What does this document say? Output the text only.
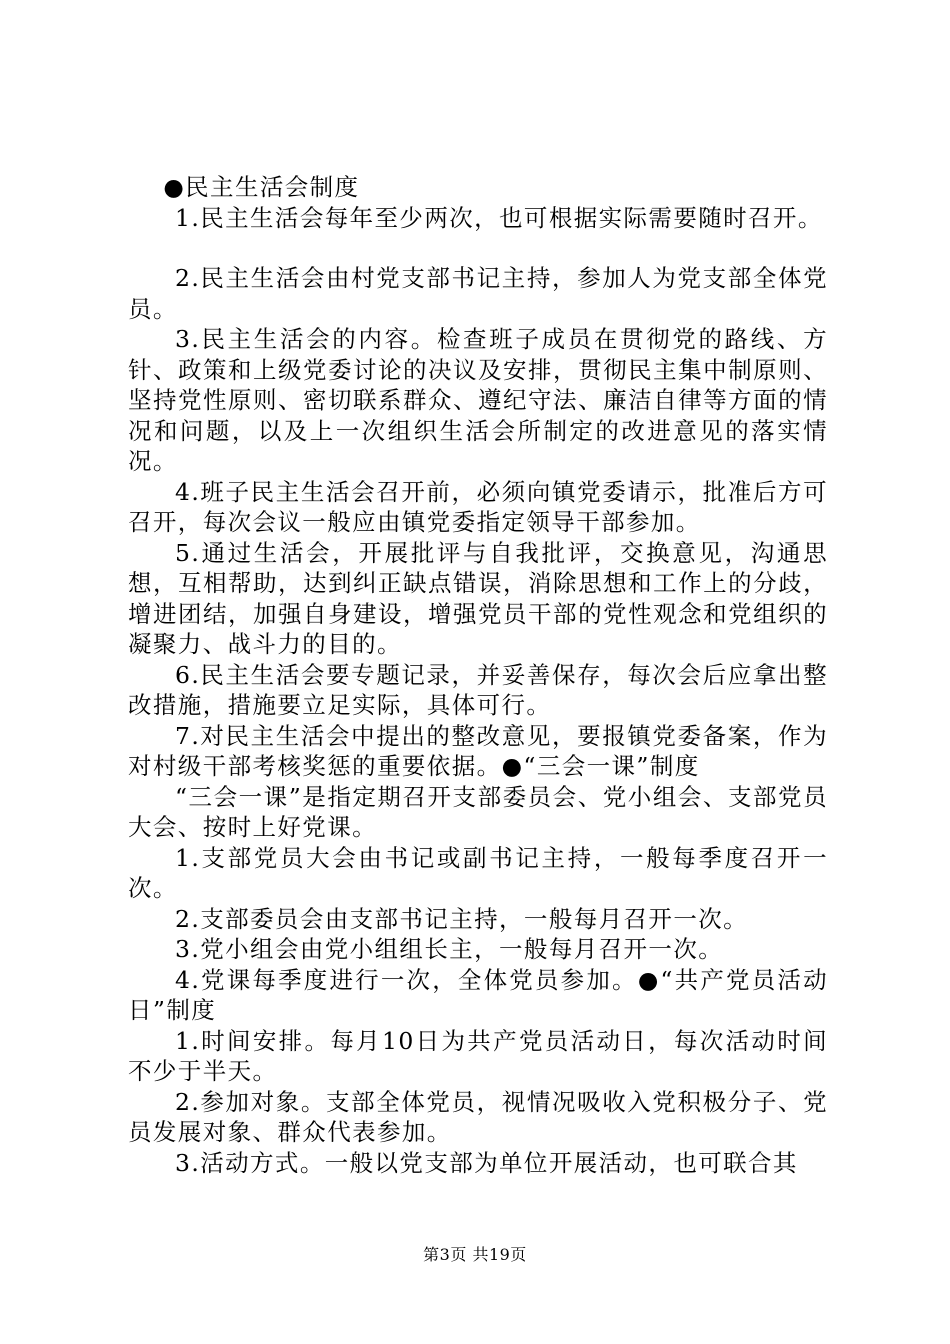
●民主生活会制度

1.民主生活会每年至少两次，也可根据实际需要随时召开。

2.民主生活会由村党支部书记主持，参加人为党支部全体党员。

3.民主生活会的内容。检查班子成员在贯彻党的路线、方针、政策和上级党委讨论的决议及安排，贯彻民主集中制原则、坚持党性原则、密切联系群众、遵纪守法、廉洁自律等方面的情况和问题，以及上一次组织生活会所制定的改进意见的落实情况。

4.班子民主生活会召开前，必须向镇党委请示，批准后方可召开，每次会议一般应由镇党委指定领导干部参加。

5.通过生活会，开展批评与自我批评，交换意见，沟通思想，互相帮助，达到纠正缺点错误，消除思想和工作上的分歧，增进团结，加强自身建设，增强党员干部的党性观念和党组织的凝聚力、战斗力的目的。

6.民主生活会要专题记录，并妥善保存，每次会后应拿出整改措施，措施要立足实际，具体可行。

7.对民主生活会中提出的整改意见，要报镇党委备案，作为对村级干部考核奖惩的重要依据。●“三会一课”制度

“三会一课”是指定期召开支部委员会、党小组会、支部党员大会、按时上好党课。

1.支部党员大会由书记或副书记主持，一般每季度召开一次。

2.支部委员会由支部书记主持，一般每月召开一次。

3.党小组会由党小组组长主，一般每月召开一次。

4.党课每季度进行一次，全体党员参加。●“共产党员活动日”制度

1.时间安排。每月10日为共产党员活动日，每次活动时间不少于半天。

2.参加对象。支部全体党员，视情况吸收入党积极分子、党员发展对象、群众代表参加。

3.活动方式。一般以党支部为单位开展活动，也可联合其

第3页 共19页
